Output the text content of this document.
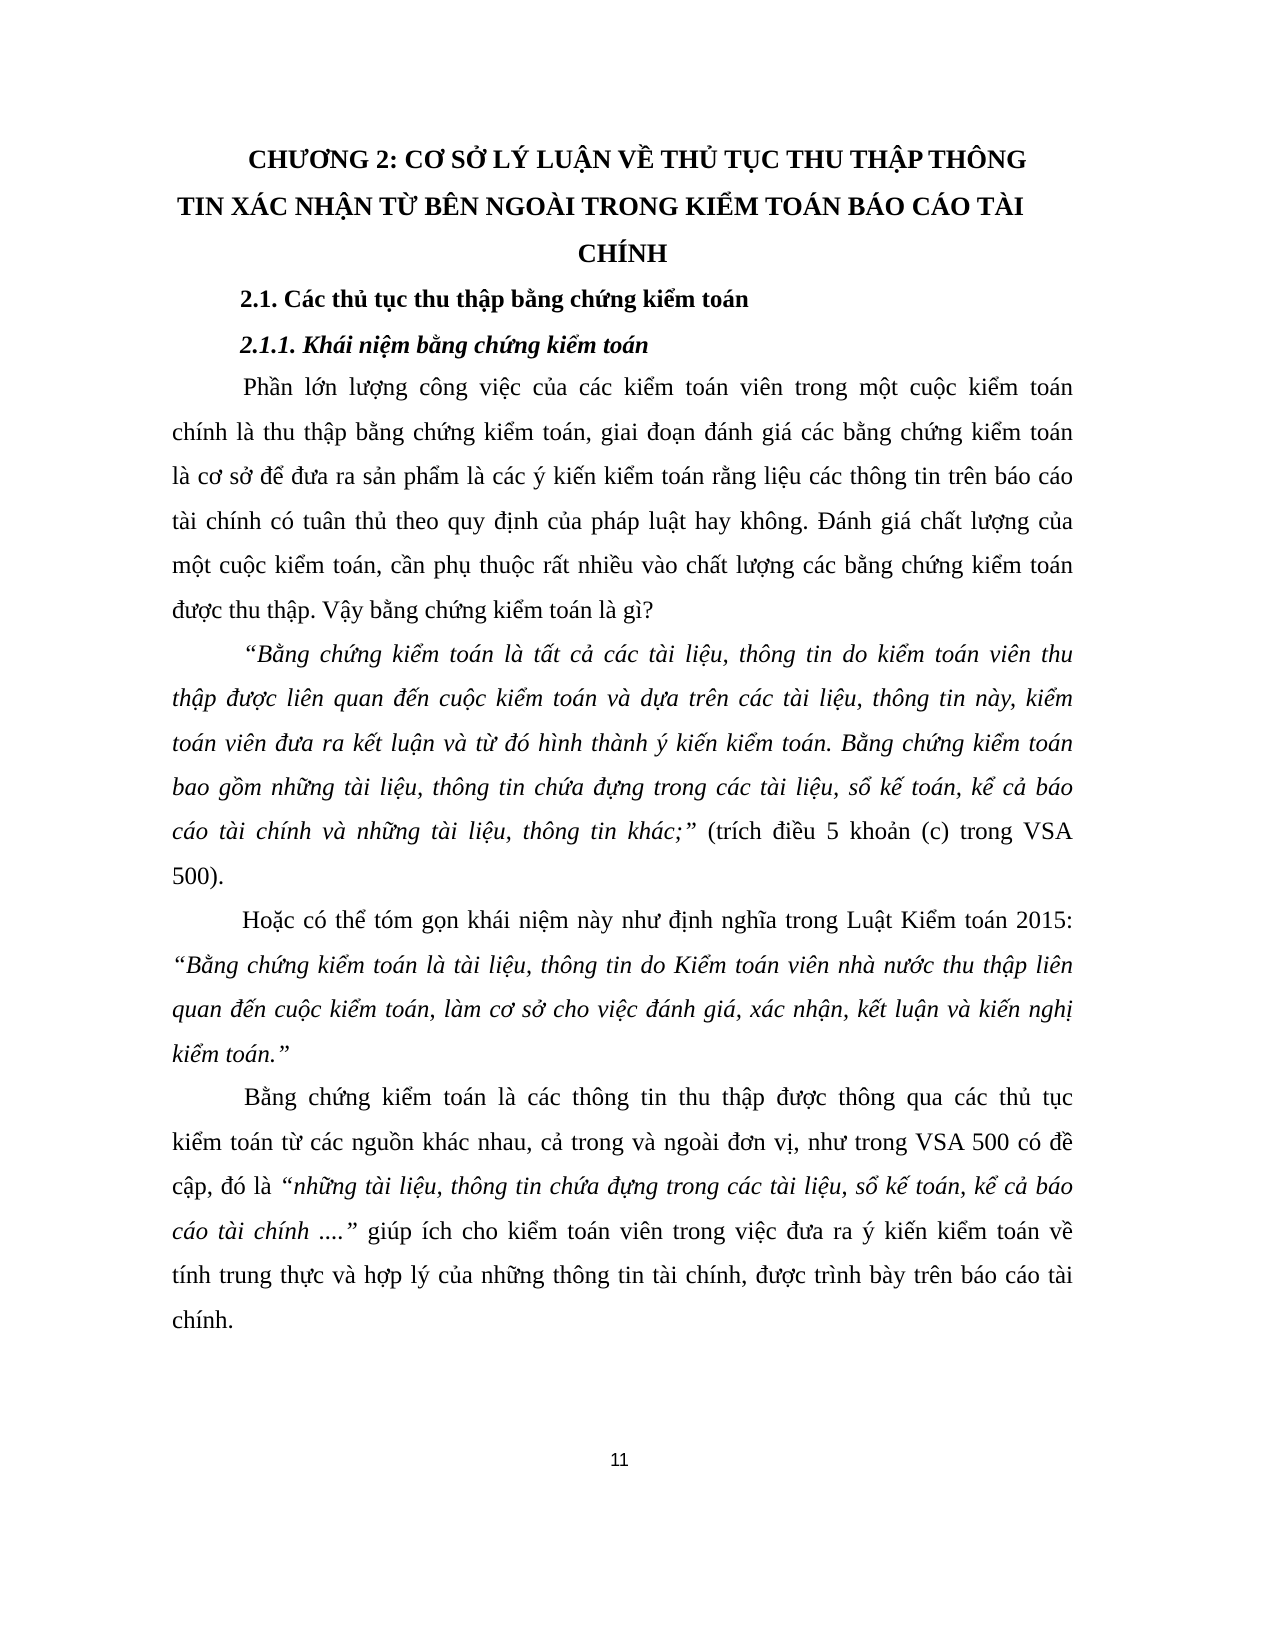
CHƯƠNG 2: CƠ SỞ LÝ LUẬN VỀ THỦ TỤC THU THẬP THÔNG
TIN XÁC NHẬN TỪ BÊN NGOÀI TRONG KIỂM TOÁN BÁO CÁO TÀI
CHÍNH
2.1. Các thủ tục thu thập bằng chứng kiểm toán
2.1.1. Khái niệm bằng chứng kiểm toán
Phần lớn lượng công việc của các kiểm toán viên trong một cuộc kiểm toán
chính là thu thập bằng chứng kiểm toán, giai đoạn đánh giá các bằng chứng kiểm toán
là cơ sở để đưa ra sản phẩm là các ý kiến kiểm toán rằng liệu các thông tin trên báo cáo
tài chính có tuân thủ theo quy định của pháp luật hay không. Đánh giá chất lượng của
một cuộc kiểm toán, cần phụ thuộc rất nhiều vào chất lượng các bằng chứng kiểm toán
được thu thập. Vậy bằng chứng kiểm toán là gì?
“Bằng chứng kiểm toán là tất cả các tài liệu, thông tin do kiểm toán viên thu
thập được liên quan đến cuộc kiểm toán và dựa trên các tài liệu, thông tin này, kiểm
toán viên đưa ra kết luận và từ đó hình thành ý kiến kiểm toán. Bằng chứng kiểm toán
bao gồm những tài liệu, thông tin chứa đựng trong các tài liệu, sổ kế toán, kể cả báo
cáo tài chính và những tài liệu, thông tin khác;” (trích điều 5 khoản (c) trong VSA
500).
Hoặc có thể tóm gọn khái niệm này như định nghĩa trong Luật Kiểm toán 2015:
“Bằng chứng kiểm toán là tài liệu, thông tin do Kiểm toán viên nhà nước thu thập liên
quan đến cuộc kiểm toán, làm cơ sở cho việc đánh giá, xác nhận, kết luận và kiến nghị
kiểm toán.”
Bằng chứng kiểm toán là các thông tin thu thập được thông qua các thủ tục
kiểm toán từ các nguồn khác nhau, cả trong và ngoài đơn vị, như trong VSA 500 có đề
cập, đó là “những tài liệu, thông tin chứa đựng trong các tài liệu, sổ kế toán, kể cả báo
cáo tài chính ....” giúp ích cho kiểm toán viên trong việc đưa ra ý kiến kiểm toán về
tính trung thực và hợp lý của những thông tin tài chính, được trình bày trên báo cáo tài
chính.
11
